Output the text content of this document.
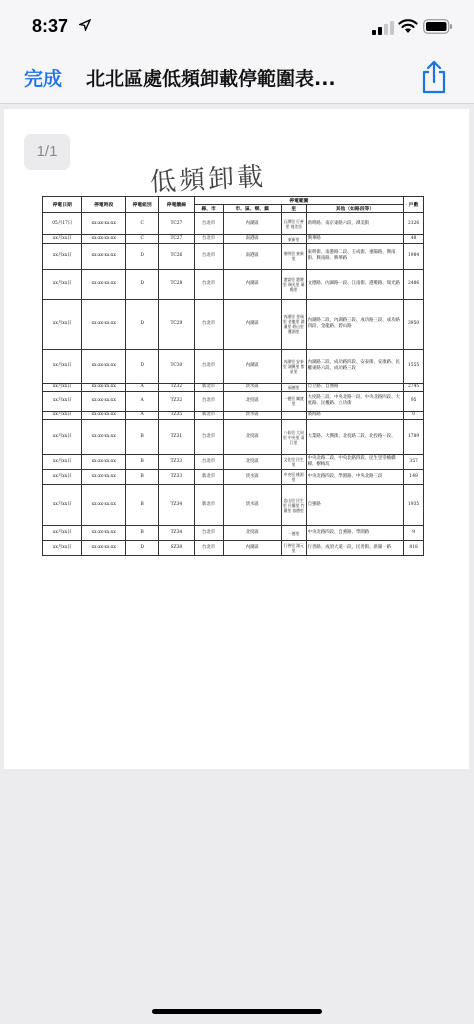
8:37
完成 北北區處低頻卸載停範圍表...
1/1
低頻卸載
停電日期	停電時段	停電組別	停電饋線	停電範圍				戶數
				縣、市	市、區、鄉、鎮	里	其他（如路段等）	
05月17日	xx:xx-xx:xx	C	TC27	台北市	內湖區	石潭里 行善里 週美里	新明路、南京東路六段、潭美街	2126
xx月xx日	xx:xx-xx:xx	C	TC27	台北市	南港區	東新里	興華路	48
xx月xx日	xx:xx-xx:xx	D	TC26	台北市	南港區	東明里 東新里	東明街、南港路二段、玉成街、重陽路、興南街、興南路、興華路	1984
xx月xx日	xx:xx-xx:xx	D	TC28	台北市	內湖區	港富里 港墘里 瑞光里 瑞陽里	文德路、內湖路一段、江南街、港墘路、瑞光路	2486
xx月xx日	xx:xx-xx:xx	D	TC29	台北市	內湖區	內湖里 金瑞里 金龍里 湖濱里 碧山里 寶湖里	內湖路二段、內湖路三段、成功路三段、成功路四段、金龍路、碧山路	3950
xx月xx日	xx:xx-xx:xx	D	TC30	台北市	內湖區	內湖里 安泰里 湖興里 紫星里	內湖路二段、成功路四段、安泰街、安康路、民權東路六段、成功路三段	1555
xx月xx日	xx:xx-xx:xx	A	TZ32	新北市	淡水區	福德里	自立路、自強路	2745
xx月xx日	xx:xx-xx:xx	A	TZ32	台北市	北投區	一德里 關渡里	大度路三段、中央北路一段、中央北路四段、大度路、民權路、立功街	95
xx月xx日	xx:xx-xx:xx	A	TZ35	新北市	淡水區		濱海路	0
xx月xx日	xx:xx-xx:xx	B	TZ31	台北市	北投區	八仙里 大同里 中央里 清江里	大業路、大興街、北投路二段、北投路一段、	1789
xx月xx日	xx:xx-xx:xx	B	TZ33	台北市	北投區	文化里 民生里	中央北路二段、中央北路四段、民生里崇楠橋樑、樹梅坑	357
xx月xx日	xx:xx-xx:xx	B	TZ33	新北市	淡水區	中央里 桃源里	中央北路四段、學園路、中央北路三段	149
xx月xx日	xx:xx-xx:xx	B	TZ34	新北市	淡水區	忠山里 民生里 民權里 竹圍里 協德里	自強路	1935
xx月xx日	xx:xx-xx:xx	B	TZ34	台北市	北投區	一德里	中央北路四段、自強路、學園路	9
xx月xx日	xx:xx-xx:xx	D	SZ38	台北市	內湖區	行善里 湖元里	行善路、成須大道一段、民善街、新湖一路	818
